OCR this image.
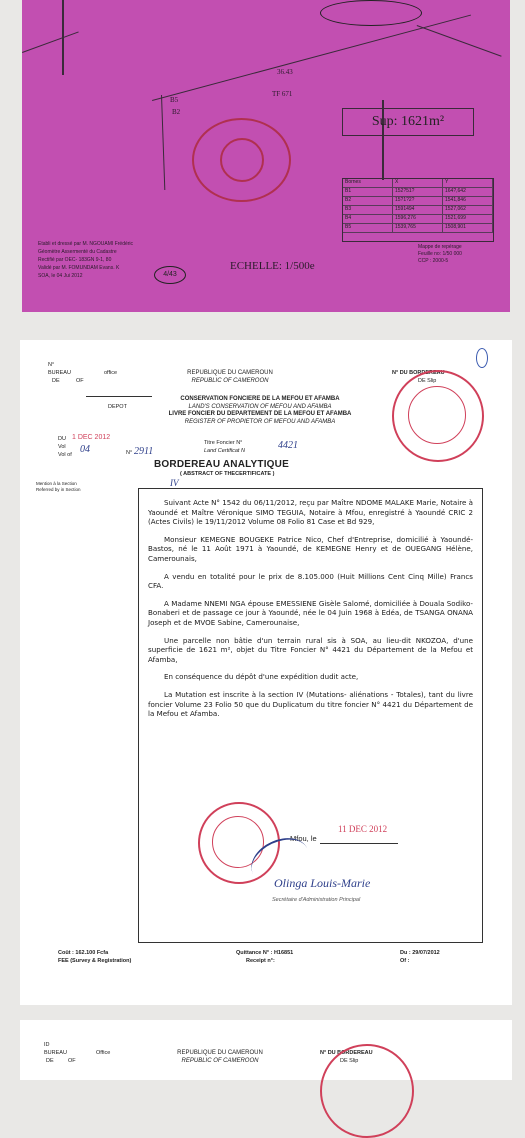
36.43
TF 671
B5
B2
Sup: 1621m²
Bornes	X	Y
B1	152?51?	164?,642
B2	15?1?2?	1541,846
B3	1591494	1527,062
B4	1596,276	1521,699
B5	1539,765	1508,901
Etabli et dressé par M. NGOUAMI Frédéric
Géomètre Assermenté du Cadastre
Rectifié par OEC- 183GN 9-1, 80
Validé par M. FOMUNDAM Evans. K
SOA, le 04 Jui 2012	4/43
ECHELLE: 1/500e
Mappe de repérage
Feuille no: 1/50 000
CCP : 2000-5
N°
BUREAU	office
DE	OF
DEPOT
REPUBLIQUE DU CAMEROUN
REPUBLIC OF CAMEROON
CONSERVATION FONCIERE DE LA MEFOU ET AFAMBA
LAND'S CONSERVATION OF MEFOU AND AFAMBA
LIVRE FONCIER DU DEPARTEMENT DE LA MEFOU ET AFAMBA
REGISTER OF PROPIETOR OF MEFOU AND AFAMBA
N° DU BORDEREAU
DE Slip
DU 1 DEC 2012
Vol
Vol of 04	N° 2911
Titre Foncier N°
Land Certificat N	4421
BORDEREAU ANALYTIQUE
( ABSTRACT OF THECERTIFICATE )
Mention à la Section
Referred by in Section
IV

Suivant Acte N° 1542 du 06/11/2012, reçu par Maître NDOME MALAKE Marie, Notaire à Yaoundé et Maître Véronique SIMO TEGUIA, Notaire à Mfou, enregistré à Yaoundé CRIC 2 (Actes Civils) le 19/11/2012 Volume 08 Folio 81 Case et Bd 929,

Monsieur KEMEGNE BOUGEKE Patrice Nico, Chef d'Entreprise, domicilié à Yaoundé-Bastos, né le 11 Août 1971 à Yaoundé, de KEMEGNE Henry et de OUEGANG Hélène, Camerounais,

A vendu en totalité pour le prix de 8.105.000 (Huit Millions Cent Cinq Mille) Francs CFA.

A Madame NNEMI NGA épouse EMESSIENE Gisèle Salomé, domiciliée à Douala Sodiko-Bonaberi et de passage ce jour à Yaoundé, née le 04 Juin 1968 à Edéa, de TSANGA ONANA Joseph et de MVOE Sabine, Camerounaise,

Une parcelle non bâtie d'un terrain rural sis à SOA, au lieu-dit NKOZOA, d'une superficie de 1621 m², objet du Titre Foncier N° 4421 du Département de la Mefou et Afamba,

En conséquence du dépôt d'une expédition dudit acte,

La Mutation est inscrite à la section IV (Mutations- aliénations - Totales), tant du livre foncier Volume 23 Folio 50 que du Duplicatum du titre foncier N° 4421 du Département de la Mefou et Afamba.

Mfou, le
11 DEC 2012
Olinga Louis-Marie
Secrétaire d'Administration Principal
Coût : 162.100 Fcfa
FEE (Survey & Registration)
Quittance N° : H16851
Receipt n°:
Du : 29/07/2012
Of :
ID
BUREAU	Office
DE	OF
REPUBLIQUE DU CAMEROUN
REPUBLIC OF CAMEROON
N° DU BORDEREAU
DE Slip
